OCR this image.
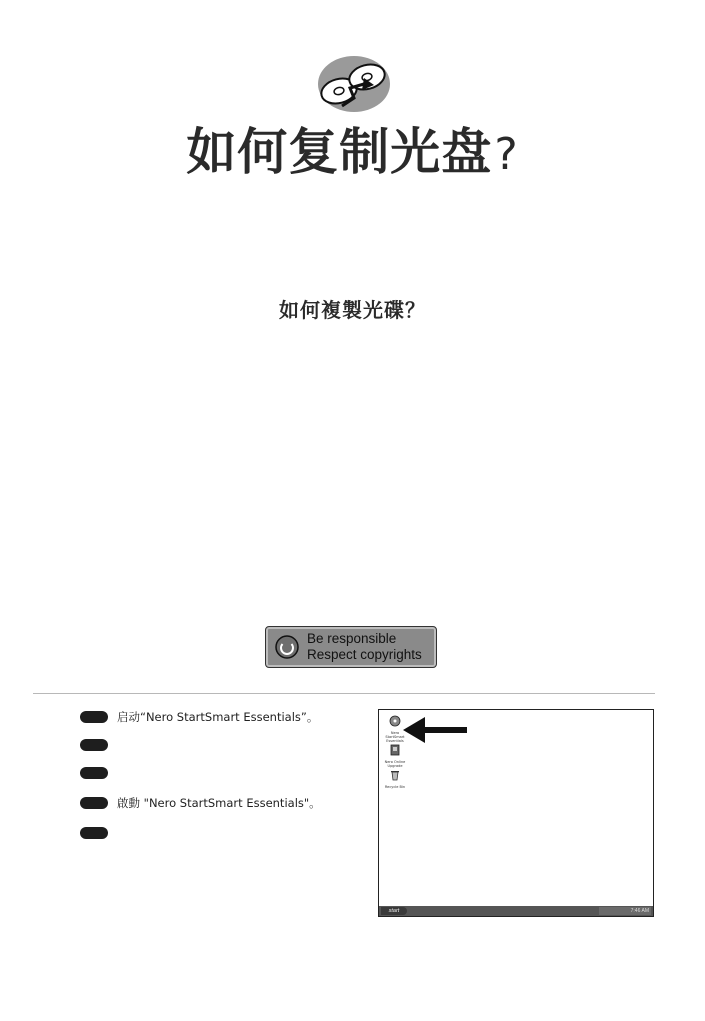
如何复制光盘?
如何複製光碟？
Be responsible
Respect copyrights
启动“Nero StartSmart Essentials”。
啟動 "Nero StartSmart Essentials"。
Nero StartSmart Essentials
Nero Online Upgrade
Recycle Bin
start	7:46 AM
